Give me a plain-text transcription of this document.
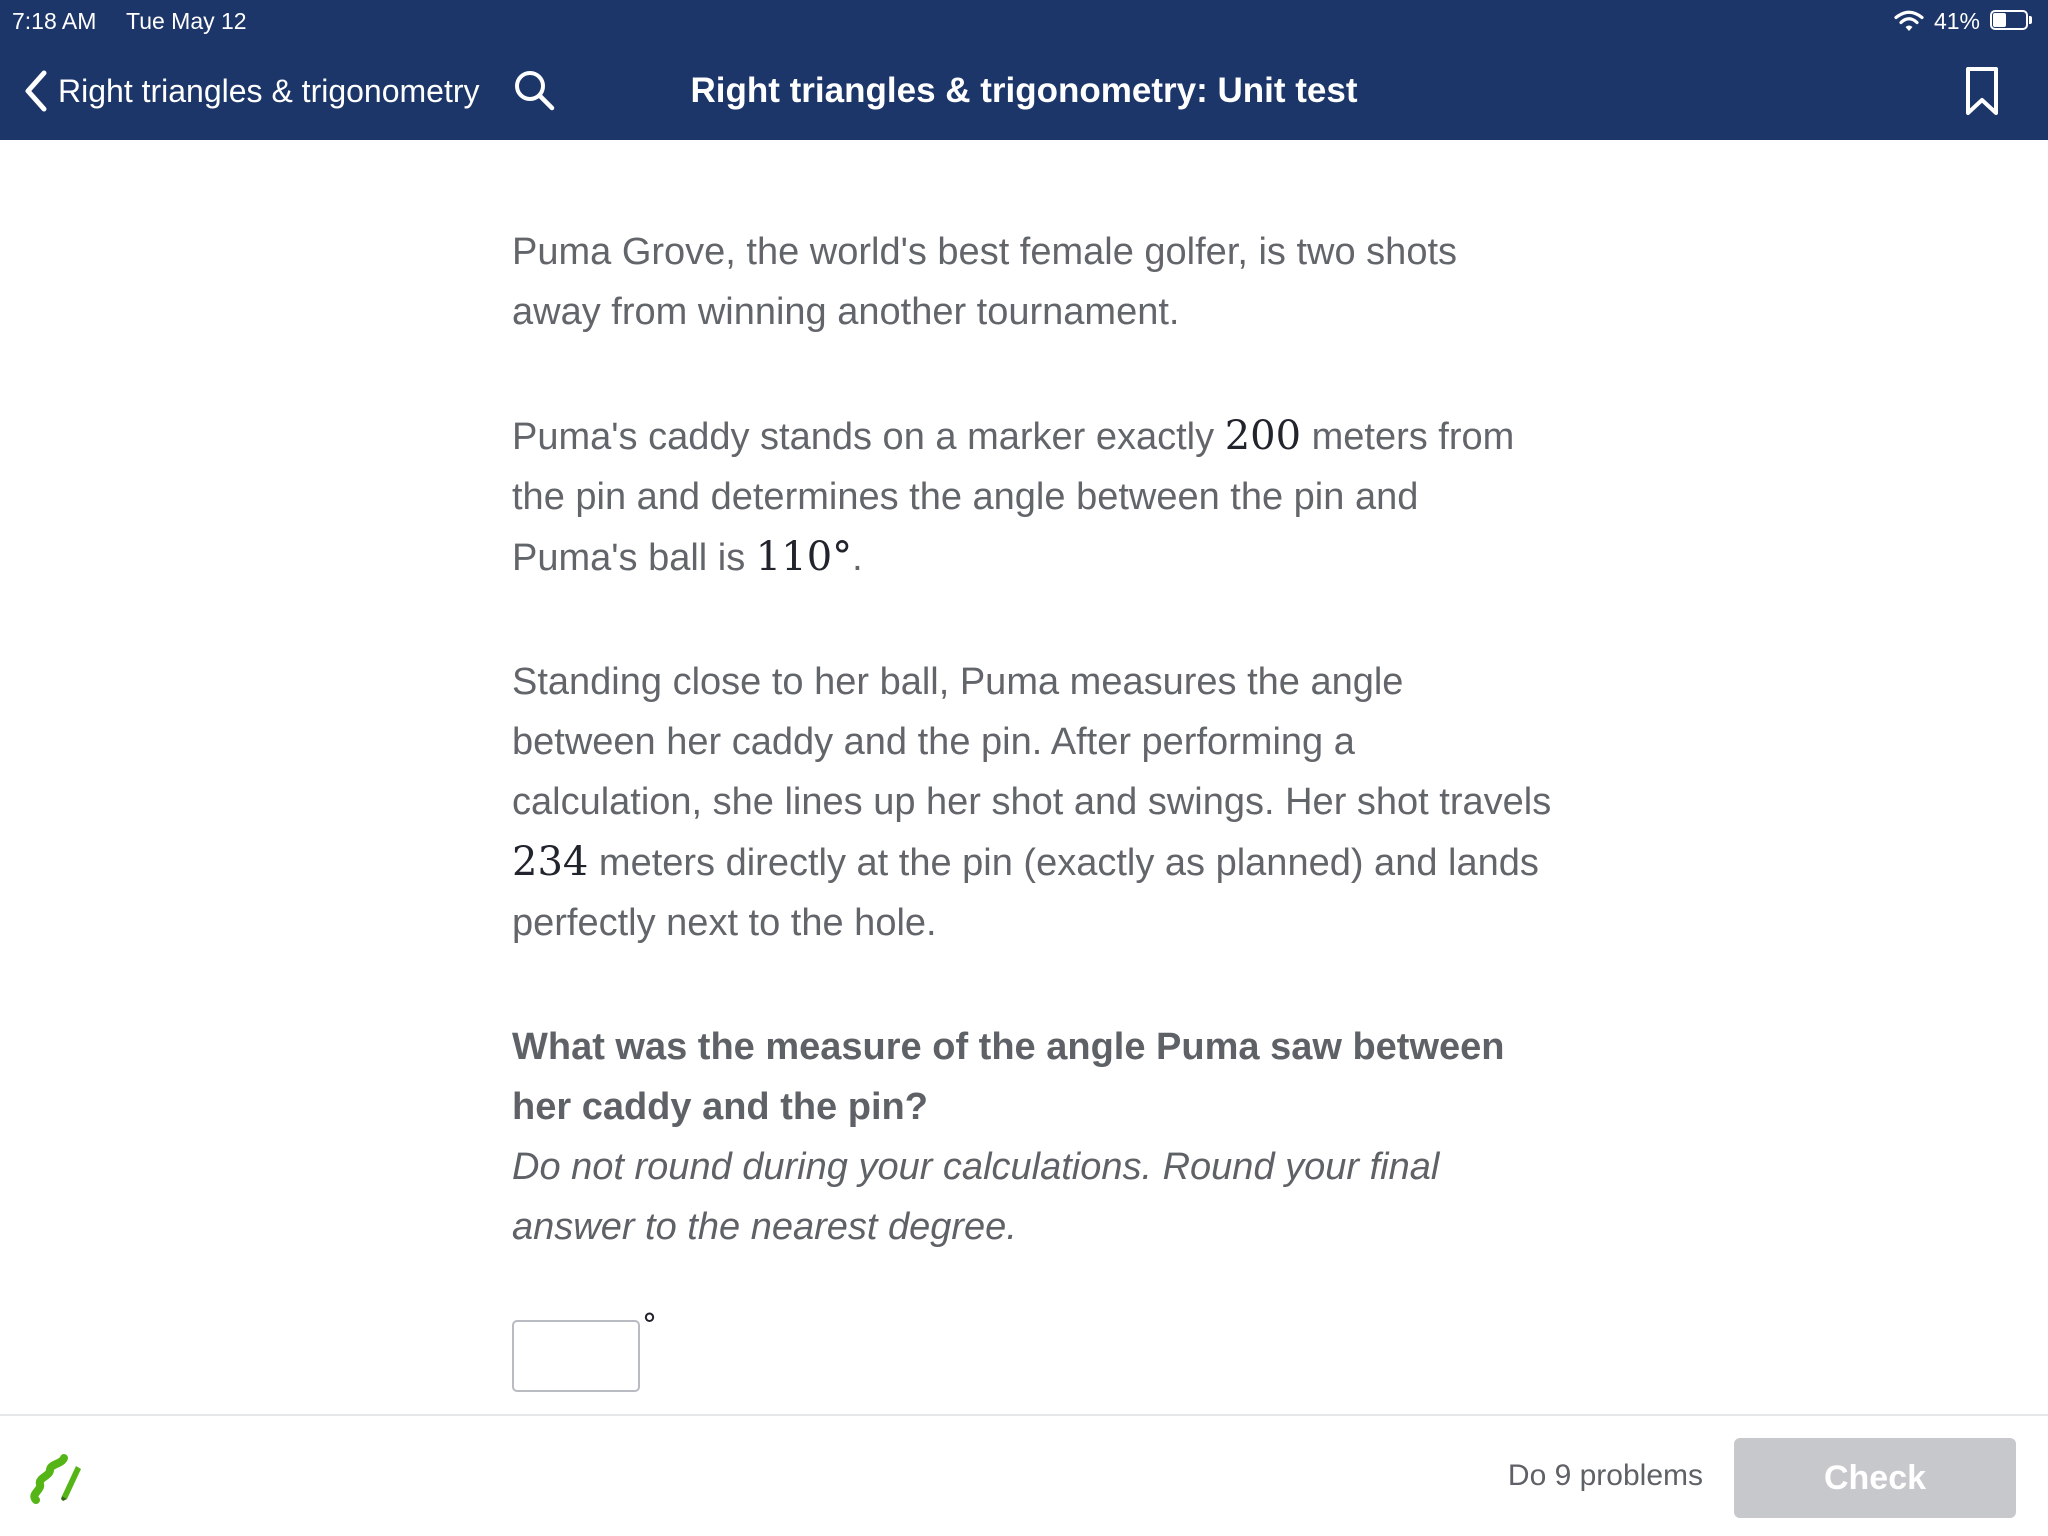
7:18 AM Tue May 12	41%
Right triangles & trigonometry	Right triangles & trigonometry: Unit test

Puma Grove, the world's best female golfer, is two shots away from winning another tournament.

Puma's caddy stands on a marker exactly 200 meters from the pin and determines the angle between the pin and Puma's ball is 110°.

Standing close to her ball, Puma measures the angle between her caddy and the pin. After performing a calculation, she lines up her shot and swings. Her shot travels 234 meters directly at the pin (exactly as planned) and lands perfectly next to the hole.

What was the measure of the angle Puma saw between her caddy and the pin?

Do not round during your calculations. Round your final answer to the nearest degree.

°
Do 9 problems	Check
